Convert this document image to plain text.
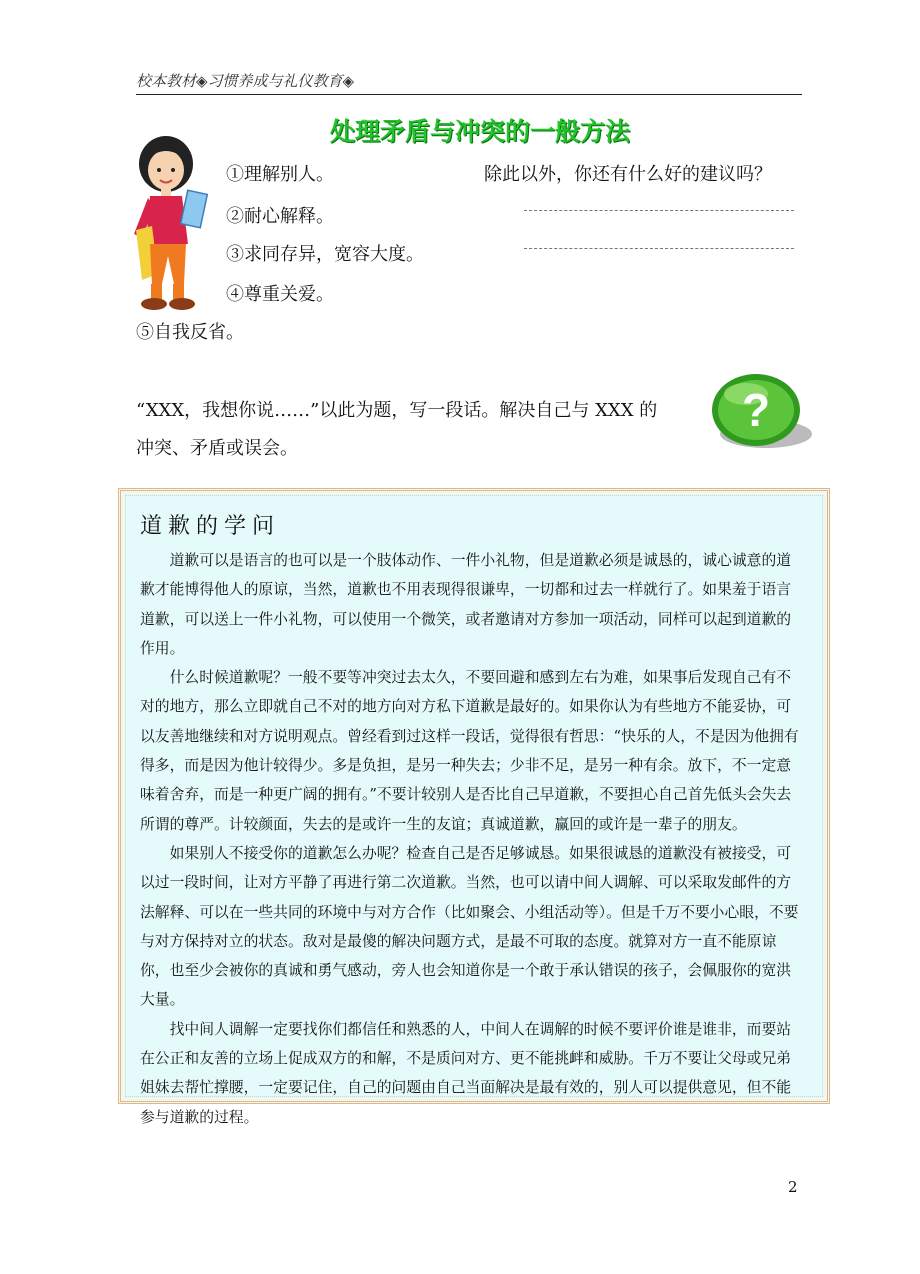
校本教材◈习惯养成与礼仪教育◈
处理矛盾与冲突的一般方法
①理解别人。
②耐心解释。
③求同存异，宽容大度。
④尊重关爱。
⑤自我反省。
除此以外，你还有什么好的建议吗？
“XXX，我想你说……”以此为题，写一段话。解决自己与 XXX 的
冲突、矛盾或误会。
?
道歉的学问

道歉可以是语言的也可以是一个肢体动作、一件小礼物，但是道歉必须是诚恳的，诚心诚意的道歉才能博得他人的原谅，当然，道歉也不用表现得很谦卑，一切都和过去一样就行了。如果羞于语言道歉，可以送上一件小礼物，可以使用一个微笑，或者邀请对方参加一项活动，同样可以起到道歉的作用。

什么时候道歉呢？一般不要等冲突过去太久，不要回避和感到左右为难，如果事后发现自己有不对的地方，那么立即就自己不对的地方向对方私下道歉是最好的。如果你认为有些地方不能妥协，可以友善地继续和对方说明观点。曾经看到过这样一段话，觉得很有哲思：“快乐的人，不是因为他拥有得多，而是因为他计较得少。多是负担，是另一种失去；少非不足，是另一种有余。放下，不一定意味着舍弃，而是一种更广阔的拥有。”不要计较别人是否比自己早道歉，不要担心自己首先低头会失去所谓的尊严。计较颜面，失去的是或许一生的友谊；真诚道歉，赢回的或许是一辈子的朋友。

如果别人不接受你的道歉怎么办呢？检查自己是否足够诚恳。如果很诚恳的道歉没有被接受，可以过一段时间，让对方平静了再进行第二次道歉。当然，也可以请中间人调解、可以采取发邮件的方法解释、可以在一些共同的环境中与对方合作（比如聚会、小组活动等）。但是千万不要小心眼，不要与对方保持对立的状态。敌对是最傻的解决问题方式，是最不可取的态度。就算对方一直不能原谅你，也至少会被你的真诚和勇气感动，旁人也会知道你是一个敢于承认错误的孩子，会佩服你的宽洪大量。

找中间人调解一定要找你们都信任和熟悉的人，中间人在调解的时候不要评价谁是谁非，而要站在公正和友善的立场上促成双方的和解，不是质问对方、更不能挑衅和威胁。千万不要让父母或兄弟姐妹去帮忙撑腰，一定要记住，自己的问题由自己当面解决是最有效的，别人可以提供意见，但不能参与道歉的过程。

2
